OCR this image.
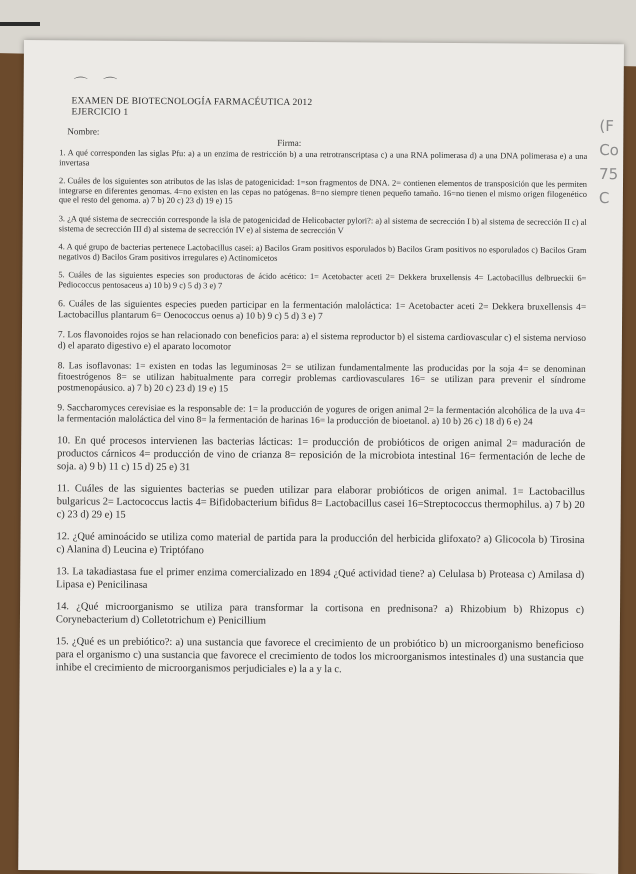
⌒ ⌒
(F
Co
75
C
EXAMEN DE BIOTECNOLOGÍA FARMACÉUTICA 2012
EJERCICIO 1
Nombre:
Firma:
1. A qué corresponden las siglas Pfu: a) a un enzima de restricción b) a una retrotranscriptasa c) a una RNA polimerasa d) a una DNA polimerasa e) a una invertasa
2. Cuáles de los siguientes son atributos de las islas de patogenicidad: 1=son fragmentos de DNA. 2= contienen elementos de transposición que les permiten integrarse en diferentes genomas. 4=no existen en las cepas no patógenas. 8=no siempre tienen pequeño tamaño. 16=no tienen el mismo origen filogenético que el resto del genoma. a) 7 b) 20 c) 23 d) 19 e) 15
3. ¿A qué sistema de secrección corresponde la isla de patogenicidad de Helicobacter pylori?: a) al sistema de secrección I b) al sistema de secrección II c) al sistema de secrección III d) al sistema de secrección IV e) al sistema de secrección V
4. A qué grupo de bacterias pertenece Lactobacillus casei: a) Bacilos Gram positivos esporulados b) Bacilos Gram positivos no esporulados c) Bacilos Gram negativos d) Bacilos Gram positivos irregulares e) Actinomicetos
5. Cuáles de las siguientes especies son productoras de ácido acético: 1= Acetobacter aceti 2= Dekkera bruxellensis 4= Lactobacillus delbrueckii 6= Pediococcus pentosaceus a) 10 b) 9 c) 5 d) 3 e) 7
6. Cuáles de las siguientes especies pueden participar en la fermentación maloláctica: 1= Acetobacter aceti 2= Dekkera bruxellensis 4= Lactobacillus plantarum 6= Oenococcus oenus a) 10 b) 9 c) 5 d) 3 e) 7
7. Los flavonoides rojos se han relacionado con beneficios para: a) el sistema reproductor b) el sistema cardiovascular c) el sistema nervioso d) el aparato digestivo e) el aparato locomotor
8. Las isoflavonas: 1= existen en todas las leguminosas 2= se utilizan fundamentalmente las producidas por la soja 4= se denominan fitoestrógenos 8= se utilizan habitualmente para corregir problemas cardiovasculares 16= se utilizan para prevenir el síndrome postmenopáusico. a) 7 b) 20 c) 23 d) 19 e) 15
9. Saccharomyces cerevisiae es la responsable de: 1= la producción de yogures de origen animal 2= la fermentación alcohólica de la uva 4= la fermentación maloláctica del vino 8= la fermentación de harinas 16= la producción de bioetanol. a) 10 b) 26 c) 18 d) 6 e) 24
10. En qué procesos intervienen las bacterias lácticas: 1= producción de probióticos de origen animal 2= maduración de productos cárnicos 4= producción de vino de crianza 8= reposición de la microbiota intestinal 16= fermentación de leche de soja. a) 9 b) 11 c) 15 d) 25 e) 31
11. Cuáles de las siguientes bacterias se pueden utilizar para elaborar probióticos de origen animal. 1= Lactobacillus bulgaricus 2= Lactococcus lactis 4= Bifidobacterium bifidus 8= Lactobacillus casei 16=Streptococcus thermophilus. a) 7 b) 20 c) 23 d) 29 e) 15
12. ¿Qué aminoácido se utiliza como material de partida para la producción del herbicida glifoxato? a) Glicocola b) Tirosina c) Alanina d) Leucina e) Triptófano
13. La takadiastasa fue el primer enzima comercializado en 1894 ¿Qué actividad tiene? a) Celulasa b) Proteasa c) Amilasa d) Lipasa e) Penicilinasa
14. ¿Qué microorganismo se utiliza para transformar la cortisona en prednisona? a) Rhizobium b) Rhizopus c) Corynebacterium d) Colletotrichum e) Penicillium
15. ¿Qué es un prebiótico?: a) una sustancia que favorece el crecimiento de un probiótico b) un microorganismo beneficioso para el organismo c) una sustancia que favorece el crecimiento de todos los microorganismos intestinales d) una sustancia que inhibe el crecimiento de microorganismos perjudiciales e) la a y la c.
